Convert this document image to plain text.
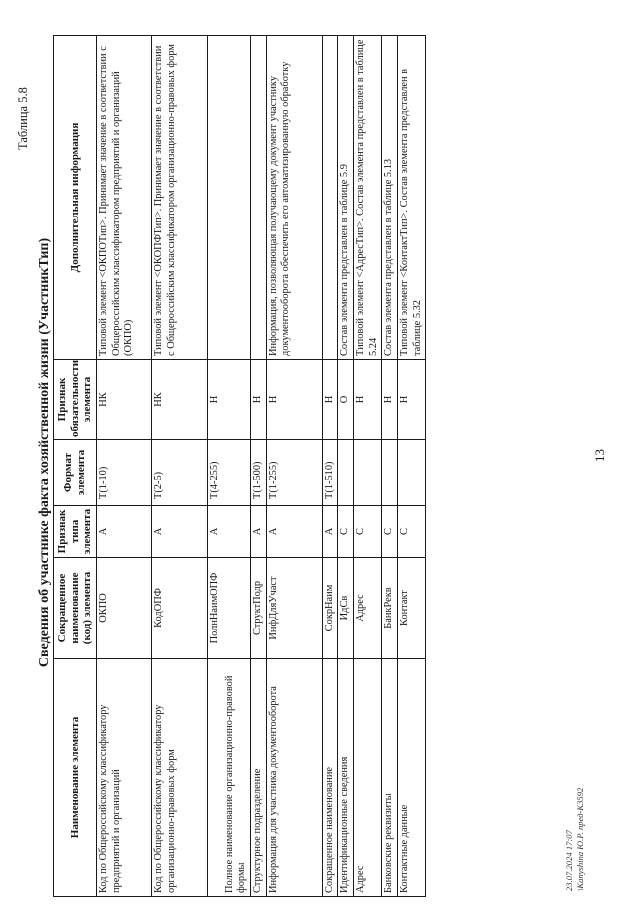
13
Таблица 5.8
Сведения об участнике факта хозяйственной жизни (УчастникТип)
Наименование элемента	Сокращенное наименование (код) элемента	Признак типа элемента	Формат элемента	Признак обязательности элемента	Дополнительная информация
Код по Общероссийскому классификатору предприятий и организаций	ОКПО	А	T(1-10)	НК	Типовой элемент <ОКПОТип>. Принимает значение в соответствии с Общероссийским классификатором предприятий и организаций (ОКПО)
Код по Общероссийскому классификатору организационно-правовых форм	КодОПФ	А	T(2-5)	НК	Типовой элемент <ОКОПФТип>. Принимает значение в соответствии с Общероссийским классификатором организационно-правовых форм
Полное наименование организационно-правовой формы	ПолнНаимОПФ	А	T(4-255)	Н	
Структурное подразделение	СтруктПодр	А	T(1-500)	Н	
Информация для участника документооборота	ИнфДляУчаст	А	T(1-255)	Н	Информация, позволяющая получающему документ участнику документооборота обеспечить его автоматизированную обработку
Сокращенное наименование	СокрНаим	А	T(1-510)	Н	
Идентификационные сведения	ИдСв	С		О	Состав элемента представлен в таблице 5.9
Адрес	Адрес	С		Н	Типовой элемент <АдресТип>. Состав элемента представлен в таблице 5.24
Банковские реквизиты	БанкРекв	С		Н	Состав элемента представлен в таблице 5.13
Контактные данные	Контакт	С		Н	Типовой элемент <КонтактТип>. Состав элемента представлен в таблице 5.32
23.07.2024 17:07 \Kanyshina Ю.Р. пред-К3592
